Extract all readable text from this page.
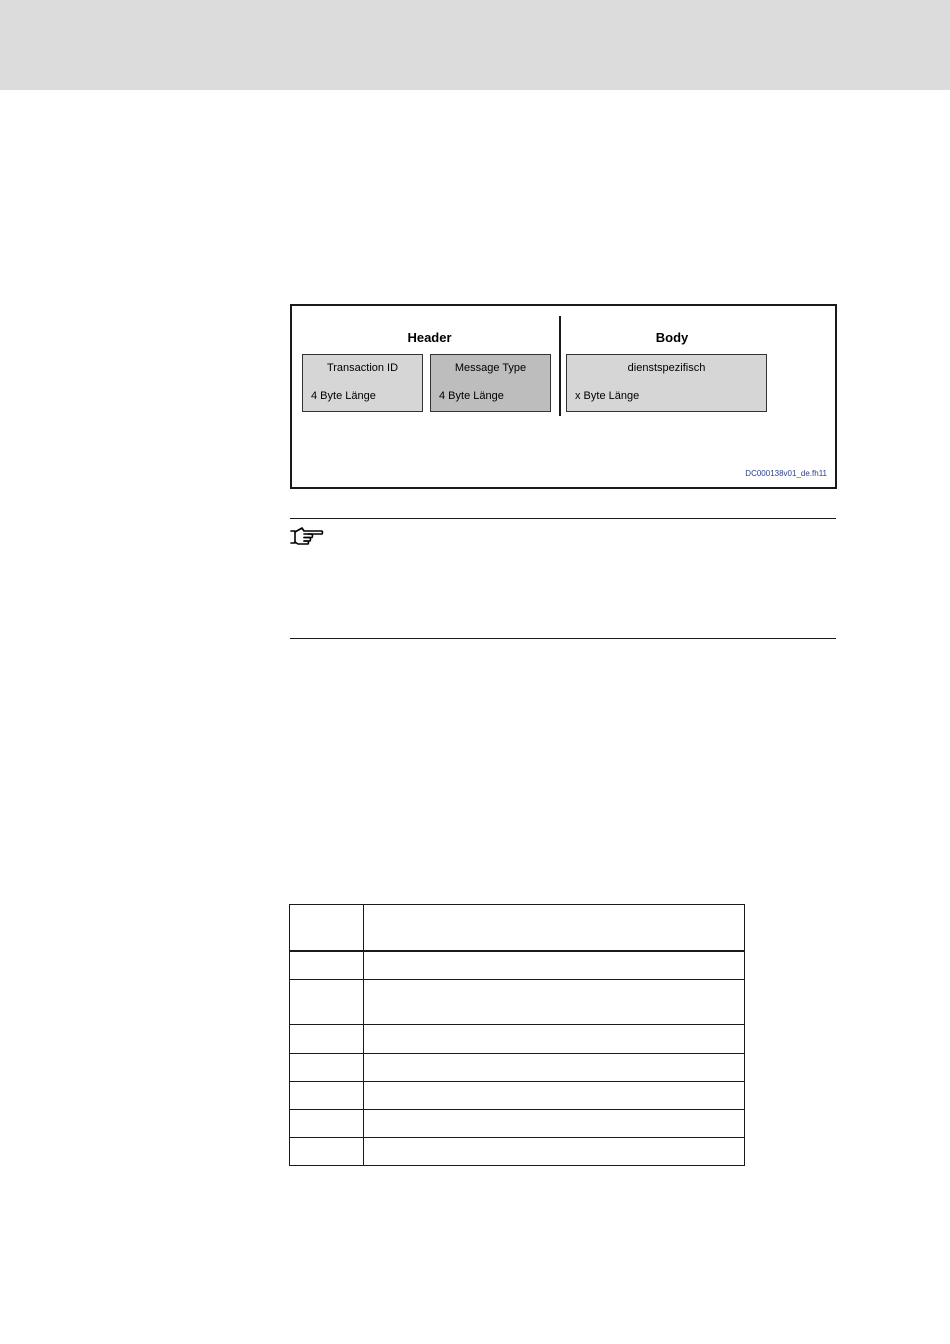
Header	Body
Transaction ID
4 Byte Länge
Message Type
4 Byte Länge
dienstspezifisch
x Byte Länge
DC000138v01_de.fh11
